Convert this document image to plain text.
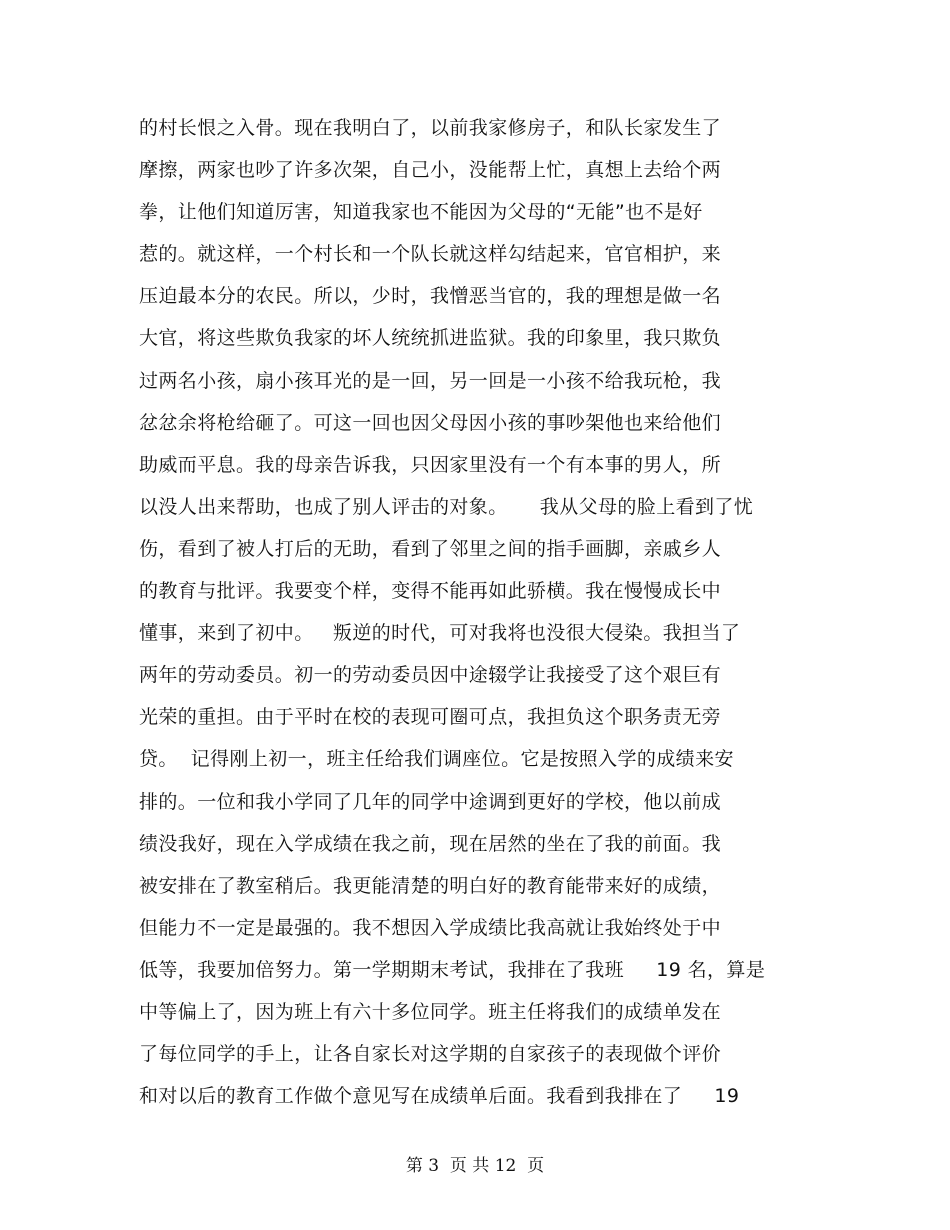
的村长恨之入骨。现在我明白了，以前我家修房子，和队长家发生了
摩擦，两家也吵了许多次架，自己小，没能帮上忙，真想上去给个两
拳，让他们知道厉害，知道我家也不能因为父母的“无能”也不是好
惹的。就这样，一个村长和一个队长就这样勾结起来，官官相护，来
压迫最本分的农民。所以，少时，我憎恶当官的，我的理想是做一名
大官，将这些欺负我家的坏人统统抓进监狱。我的印象里，我只欺负
过两名小孩，扇小孩耳光的是一回，另一回是一小孩不给我玩枪，我
忿忿余将枪给砸了。可这一回也因父母因小孩的事吵架他也来给他们
助威而平息。我的母亲告诉我，只因家里没有一个有本事的男人，所
以没人出来帮助，也成了别人评击的对象。     我从父母的脸上看到了忧
伤，看到了被人打后的无助，看到了邻里之间的指手画脚，亲戚乡人
的教育与批评。我要变个样，变得不能再如此骄横。我在慢慢成长中
懂事，来到了初中。   叛逆的时代，可对我将也没很大侵染。我担当了
两年的劳动委员。初一的劳动委员因中途辍学让我接受了这个艰巨有
光荣的重担。由于平时在校的表现可圈可点，我担负这个职务责无旁
贷。  记得刚上初一，班主任给我们调座位。它是按照入学的成绩来安
排的。一位和我小学同了几年的同学中途调到更好的学校，他以前成
绩没我好，现在入学成绩在我之前，现在居然的坐在了我的前面。我
被安排在了教室稍后。我更能清楚的明白好的教育能带来好的成绩，
但能力不一定是最强的。我不想因入学成绩比我高就让我始终处于中
低等，我要加倍努力。第一学期期末考试，我排在了我班     19 名，算是
中等偏上了，因为班上有六十多位同学。班主任将我们的成绩单发在
了每位同学的手上，让各自家长对这学期的自家孩子的表现做个评价
和对以后的教育工作做个意见写在成绩单后面。我看到我排在了     19
第 3  页 共 12  页
